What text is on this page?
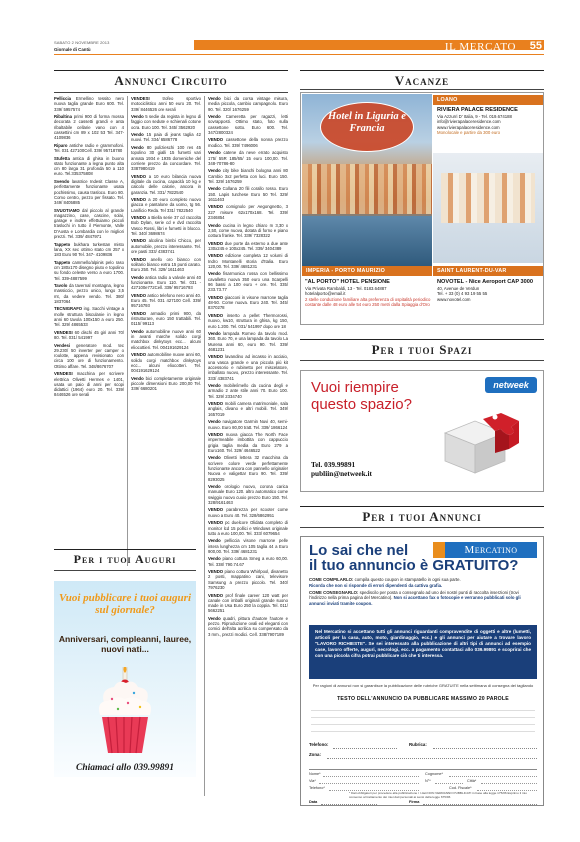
SABATO 2 NOVEMBRE 2013
Giornale di Cantù	IL MERCATO 55
Annunci Circuito
Pelliccia Ermellino tessito nero nuova taglia grande Euro 600. Tel. 339/ 5957574
Ribaltina primi 900 di forma mossa decorata 2 cassetti grandi e anta ribaltabile cellarie vano con 4 cassettini cm 89 x 102 53 Tel. 347- 4109836
Riparo antiche radio e grammofoni. Tel. 031 427100Cell. 339/ 95718780
Stufetta antica di ghisa in buono stato funzionante a legna punto alta cm 80 larga 31 profonda 50 a 110 euro. Tel.335375808
Svendo lavatrice Indesit Classe A, perfettamente funzionante usata pochissimo, causa trasloco. Euro 80. Como centro, pezzo per fissato. Tel. 349/ 8405885
SVUOTIAMO dal piccolo al grande magazzino, case, cascine, solai, garage e inoltre effettuiamo piccoli traslochi in tutto il Piemonte, Valle D'Aosta e Lombardia con le migliori prezzi. Tel. 339/ 4847971
Tappeto bukhara turkestan misto lana, XX sec ottimo stato cm 257 x 183 Euro 90 Tel. 347- 4109836
Tappeto cammello/alpinis pelo raso cm 180x170 disegno piuto e topolino su fondo celeste verso a euro 1700. Tel. 339-4887599
Tavolo da tavernal montagna, legno massiccio, pezzo unico, lungo 3,5 mt, da vedere vendo. Tel. 380/ 1837064
TECNIGRAFO ing. Sacchi vintage a molle struttura bisculanie in legno anni 60 tavola 100x150 a euro 250. Tel. 329/ 4865533
VENDESI 60 dischi 45 giri anni 70/ 80. Tel. 031/ 541997
Vendesi generatore mod. tec 29.230/ 50 inverter per camper o roulotte, appena revisionato con circa 100 ore di funzionamento. Ottimo affare. Tel. 348/8676707
VENDESI macchina per scrivere elettrica Olivetti Hermes e 1401, usata un paio di anni per scopi didattici (1964) euro 20. Tel. 339/ 8446526 ore serali
VENDESI	trofeo sportivo motociclistico anni 50 euro 20. Tel. 339/ 8446526 ore serali
Vendo 5 sedie da regista in legno di faggio con sedute e schienali cotone ocra. Euro 100. Tel. 345/ 3562920
Vendo 15 paia di jeans taglia 42 nuovi. Tel. 334/ 6586778
Vendo 80 polizieschi 100 res 45 topolino 30 gialli 15 fumetti vari annata 1934 e 1935 domeniche del corriere prezzo da concordare. Tel. 3387980419
VENDO a 10 euro bilancia nuova digitale da cucina, capacità 10 kg e calcolo delle calorie, ancora in garanzia. Tel. 331/ 7822540
VENDO a 20 euro completo nuovo giacca e pantalone da uomo, tg 56. Lanificio Reda. Tel 331/ 7822540
VENDO a Biella serie 37 cd raccolta Bob Dylan, serie cd e dvd raccolta Vasco Rossi, libri e fumetti in blocco. Tel. 340/ 3698674
VENDO alcolina bimbi Chicco, per automobile, prezzo interessante. Tel. ore pasti 333/ 4383741
VENDO anello oro bianco con solitario bianco extra 15 punti carato. Euro 250. Tel. 329/ 1611463
Vendo antica radio a valvole anni 40 funzionante. Euro 110. Tel. 031 - 427100e772Cell. 339/ 95716793
VENDO antico telefono nero anni 40. Euro 45. Tel. 031 427100 Cell. 339/ 95716793
VENDO armadio primi 900, da ristrutturare, euro 150 trattabili. Tel. 0115/ 99113
Vendo automobiline nuove anni 60 in avanti marche solido corgi matchbox dinkytoys ecc... alcuni eliocottieri. Tel. 004191629124
VENDO automobiline nuove anni 60, solido corgi matchbox dinkytoys ecc... alcuni eliocotteri. Tel. 004191629124
Vendo bici completamente originale piccole dimensioni Euro 200,00 Tel. 339/ 6680201
Vendo bici da corsa vintage misura, media piccola, cambio campagnolo. Euro 90. Tel. 320/ 1676259
Vendo Cameretta per ragazzi, letti sovrapposti. Ottimo stato, foto sulla cassettone sotto. Euro 600. Tel. 347/2800324
VENDO cassettone della nonna prezzo modico. Tel. 339/ 7496006
Vendo catene da neve errato acquisto 175/ 55R 185/65/ 15 euro 100,00. Tel. 348-70786-80
Vendo city bike bianchi bologna anni 80 Cambio 3x2 perfetta con luci. Euro 150. Tel. 329/ 1676259
Vendo Collana 20 fili corallo rosso. Euro 150. Lapis turchese Euro 50 Tel. 329/ 1611463
VENDO comignolo per Aegongnetto, 3 227 misure 62x170x168. Tel. 339/ 2346854
Vendo cucina in legno chiaro m 3,30 x 2,50, come nuova, dotata di forno e piano cottura franke. Tel. 339/ 7328322
VENDO due porte da esterno a due ante 130x245 e 100x245. Tel. 339/ 3404389
VENDO edizione completa 12 volumi di Indro Montanelli storia d'Italia. Euro 120,00. Tel. 339/ 4681231
Vendo fisarmonica rossa con bellissimo cavalletto nuova 350 euro una Scarpelli 96 bassi a 100 euro + ore. Tel. 335/ 233.73.77
VENDO giacconi in visone marrone taglia 48-50. Come nuova. Euro 240. Tel. 345/ 8370278
VENDO inserto a pellet Thermorossi, nuovo, kw10, struttura in ghisa, kg 150, euro 1.200. Tel. 031/ 541997 dopo ore 18
Vendo lampada Romeo da tavolo mod. 360. Euro 70, e una lampada da tavolo La Murena anni 60, euro 90. Tel. 339/ 4681231
VENDO lavandino ad incasso in acciaio, una vasca grande e una piccola più kit accessorio e rubinetto per miscelatore, imballato nuovo, prezzo interessante. Tel. 333/ 4383741
Vendo mobile/imello da cucina degli e armadio 2 ante stile anni 70. Euro 100. Tel. 329/ 2334740
VENDO mobili camera matrimoniale, sala anglais, divano e altri mobili. Tel. 349/ 1657019
Vendo navigatore Garmin Nuvi 40, semi-nuovo. Euro 80,00 tratt. Tel. 339/ 1866124
VENDO nuova giacca The North Face impermeabile imbottita con cappuccio grigia taglia media da Euro 279 a Euro160. Tel. 329/ 4646522
Vendo Olivetti lettera 32 macchina da scrivere colore verde perfettamente funzionante ancora con pannello originale! Nuova e valigetta! Euro 90. Tel. 339/ 8293025
Vendo orologio nuovo, corona carica manuale Euro 120. altro automatico come swiggio nuovo cuoio prezzo Euro 150. Tel. 328/9161463
VENDO parabrezza per scooter come nuovo a Euro 40. Tel. 328/6862951
VENDO pc duelcore Olidata completo di monitor lcd 15 pollici e Windows originale tutto a euro 100,00. Tel. 333/ 6079654
Vendo pelliccia visone marrone pelle intera lunghezza cm 105 taglia 44 a Euro 900,00. Tel. 339/ 4681231
Vendo piano cottura Smeg a euro 60,00. Tel. 338/ 790.74.67
VENDO piano cottura Whirlpool, divanetto 2 posti, mappatino cani, televisore Samsung a prezzo piccolo. Tel. 340/ 7976230
VENDO prof finale career 120 watt per canale con imballi originali grande suono made in Usa Euro 250 la coppia. Tel. 011/ 5662251
Vendo quadri, pittura d'autore l'autore e pezzo. Riproduzione ovali ed eleganti con cornici dell'alta acrilica su compensato da 3 mm., prezzi modici. Cell. 338/7907189
Per i tuoi Auguri
Vuoi pubblicare i tuoi auguri sul giornale?
Anniversari, compleanni, lauree, nuovi nati...
Chiamaci allo 039.99891
Vacanze
Hotel in Liguria e Francia
IMPERIA - PORTO MAURIZIO
LOANO
SAINT LAURENT-DU-VAR
RIVIERA PALACE RESIDENCE
Via Azzurri D' Italia, 9 - Tel. 019.674188
info@rivierapalaceresidence.com
www.rivierapalaceresidence.com
Monolocale e partire da 300 euro
"AL PORTO" HOTEL PENSIONE
Via Privata Rambaldi, 13 - Tel. 0183.64887
hotelalporto@email.it
2 stelle conduzione familiare alta preferenza di ospitalità periodico costante dalle 48 euro alle 54 euro 250 metri dalla Spiaggia d'Oro
NOVOTEL - Nice Aeroport CAP 3000
40, Avenue de Verdun
Tel. + 33 (0) 4 93 19 55 55
www.novotel.com
Per i tuoi Spazi
Vuoi riempire questo spazio?
netweek
Tel. 039.99891
publiin@netweek.it
Per i tuoi Annunci
Lo sai che nel	Mercatino
il tuo annuncio è GRATUITO?
COME COMPILARLO: compila questo coupon in stampatello in ogni sua parte.
Ricorda che non si risponde di errori dipendenti da cattiva grafia.
COME CONSEGNARLO: spediscilo per posta o consegnalo ad uno dei nostri punti di raccolta inserzioni (trovi l'indirizzo nella prima pagina del Mercatino). Non si accettano fax o fotocopie e verranno pubblicati solo gli annunci inviati tramite coupon.
Nel Mercatino si accettano tutti gli annunci riguardanti compravendite di oggetti e altre (lumetti, articoli per la casa, auto, moto, giardinaggio, ecc.) e gli annunci per aiutare a trovare lavoro "LAVORO RICHIESTE". Se sei interessato alla pubblicazione di altri tipi di annunci ad esempio case, lavoro offerte, auguri, necrologi, ecc. a pagamento contattaci allo 039.99891 e scoprirai che con una piccola cifra potrai pubblicare ciò che ti interessa.
Per ragioni di annunci non si garantisce la pubblicazione delle rubriche GRATUITE nella settimana di consegna del tagliando
TESTO DELL'ANNUNCIO DA PUBBLICARE MASSIMO 20 PAROLE
Telefono:	Rubrica:
Zona:
Nome*	Cognome*
Via*	N°*	Città*
Telefono*	Cod. Fiscale*
* Dati obbligatori per procedere alla pubblicazione / I dati NON VERRANNO PUBBLICATI in base alla legge 175/06 Esprimo il mio consenso al trattamento dei miei dati personali ai sensi della legge 675/96
Data	Firma
